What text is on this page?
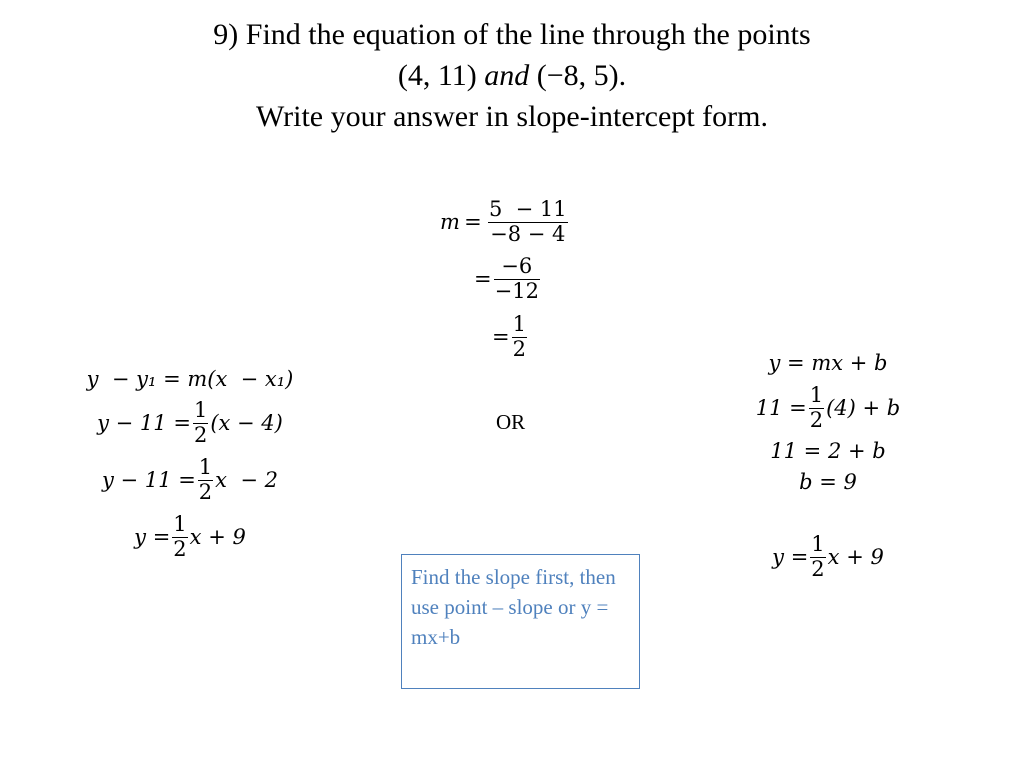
9) Find the equation of the line through the points
(4, 11) and (−8, 5).
Write your answer in slope-intercept form.
m
  =
  $\frac{5 - 11}{-8 - 4}$
= $\frac{-6}{-12}$
= $\frac{1}{2}$
OR
y  − y₁ = m(x  − x₁)
$y - 11 = \frac{1}{2} (x - 4)$
$y - 11 = \frac{1}{2}$ x  − 2
$y = \frac{1}{2}$ x + 9
y = mx + b
$11 = \frac{1}{2} (4) + b$
11 = 2 + b
b = 9
$y = \frac{1}{2}$ x + 9
Find the slope first, then use point – slope or y = mx+b
